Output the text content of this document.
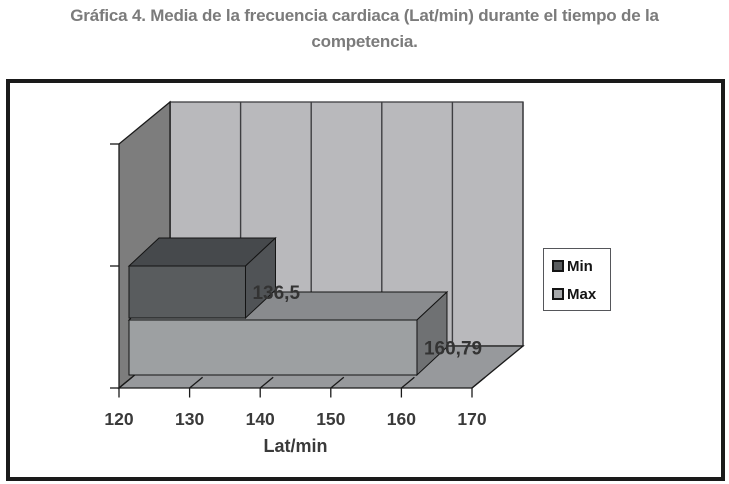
Gráfica 4. Media de la frecuencia cardiaca (Lat/min) durante el tiempo de la
competencia.
120 130 140 150 160 170
160,79
136,5
Lat/min
Min
Max
